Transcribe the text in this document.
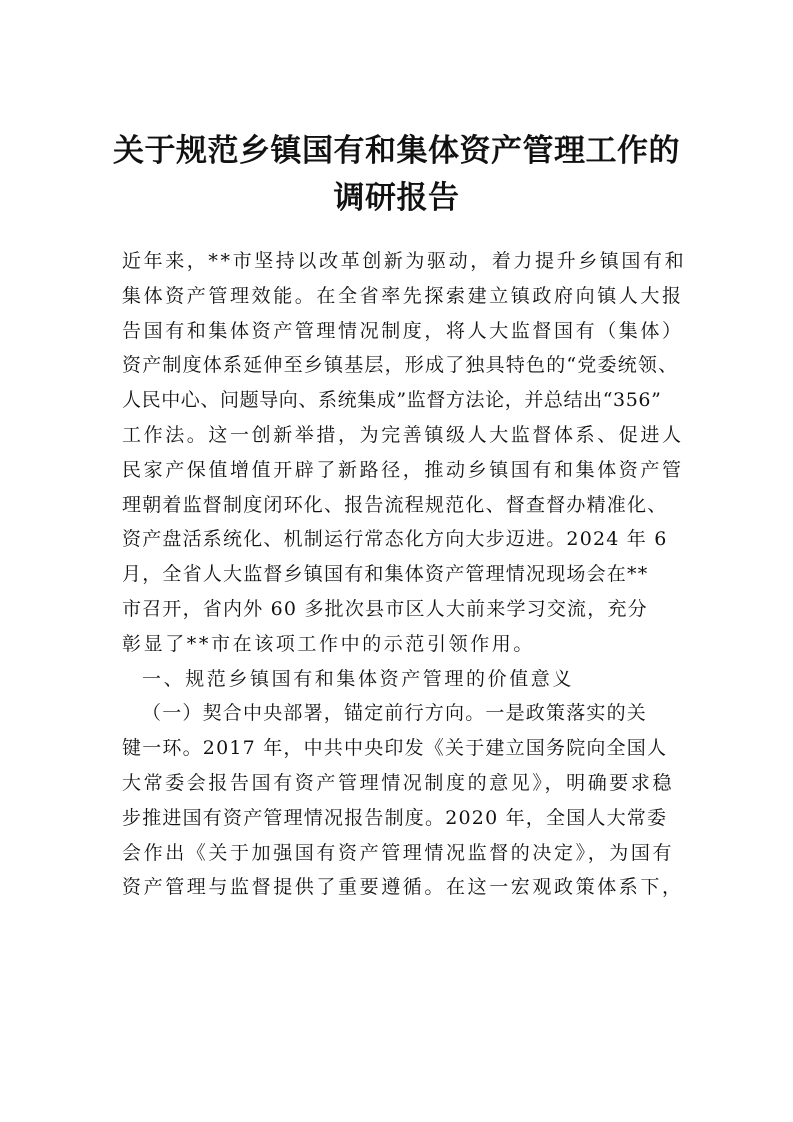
关于规范乡镇国有和集体资产管理工作的
调研报告
近年来，**市坚持以改革创新为驱动，着力提升乡镇国有和
集体资产管理效能。在全省率先探索建立镇政府向镇人大报
告国有和集体资产管理情况制度，将人大监督国有（集体）
资产制度体系延伸至乡镇基层，形成了独具特色的“党委统领、
人民中心、问题导向、系统集成”监督方法论，并总结出“356”
工作法。这一创新举措，为完善镇级人大监督体系、促进人
民家产保值增值开辟了新路径，推动乡镇国有和集体资产管
理朝着监督制度闭环化、报告流程规范化、督查督办精准化、
资产盘活系统化、机制运行常态化方向大步迈进。2024 年 6
月，全省人大监督乡镇国有和集体资产管理情况现场会在**
市召开，省内外 60 多批次县市区人大前来学习交流，充分
彰显了**市在该项工作中的示范引领作用。
一、规范乡镇国有和集体资产管理的价值意义
（一）契合中央部署，锚定前行方向。一是政策落实的关
键一环。2017 年，中共中央印发《关于建立国务院向全国人
大常委会报告国有资产管理情况制度的意见》，明确要求稳
步推进国有资产管理情况报告制度。2020 年，全国人大常委
会作出《关于加强国有资产管理情况监督的决定》，为国有
资产管理与监督提供了重要遵循。在这一宏观政策体系下，
